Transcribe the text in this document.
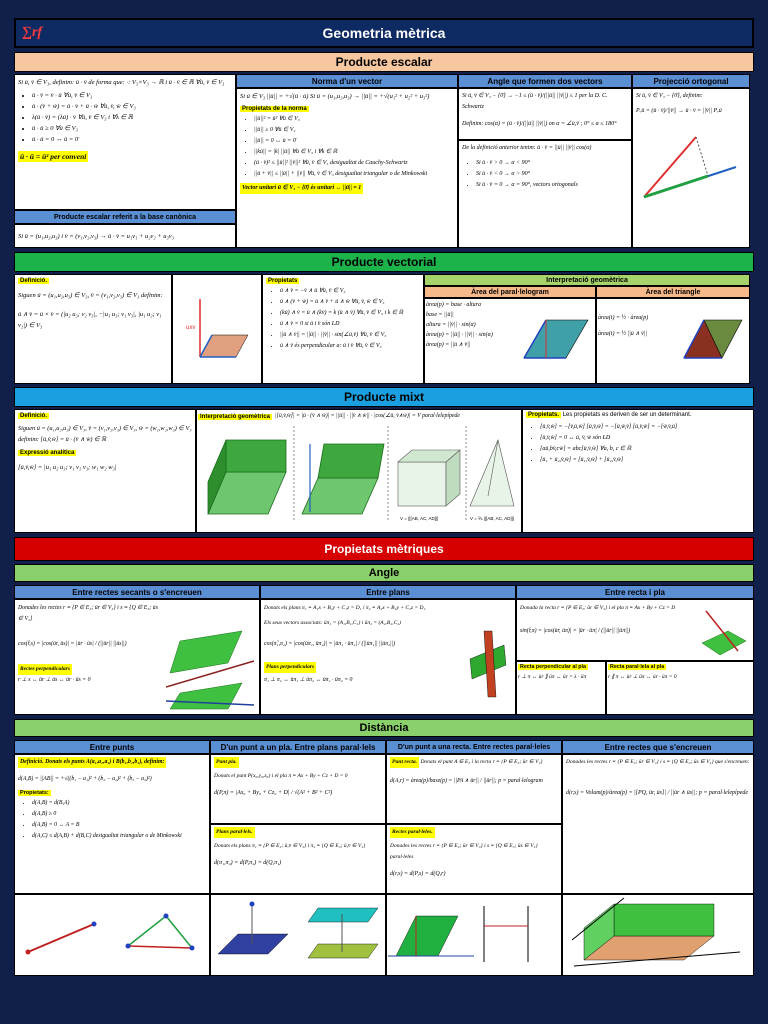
∑rf	Geometria mètrica
Producte escalar
Si ū, v̄ ∈ V₃, definim: ū · v̄ de forma que: ·: V₃×V₃ → ℝ i ū · v̄ ∈ ℝ ∀ū, v̄ ∈ V₃
• ū · v̄ = v̄ · ū ∀ū, v̄ ∈ V₃
• ū · (v̄ + w̄) = ū · v̄ + ū · w̄ ∀ū, v̄, w̄ ∈ V₃
• λ(ū · v̄) = (λū) · v̄ ∀ū, v̄ ∈ V₃ i ∀λ ∈ ℝ
• ū · ū ≥ 0 ∀ū ∈ V₃
• ū · ū = 0 ↔ ū = 0̄
ū · ū = ū² per conveni
Producte escalar referit a la base canònica
Si ū = (u₁,u₂,u₃) i v̄ = (v₁,v₂,v₃) → ū · v̄ = u₁v₁ + u₂v₂ + u₃v₃
Norma d'un vector
Si ū ∈ V₃ ||ū|| = +√(ū · ū) Si ū = (u₁,u₂,u₃) → ||ū|| = +√(u₁² + u₂² + u₃²)
Propietats de la norma
• ||ū||² = ū² ∀ū ∈ V₃
• ||ū|| ≥ 0 ∀ū ∈ V₃
• ||ū|| = 0 ↔ ū = 0̄
• ||kū|| = |k| ||ū|| ∀ū ∈ V₃ i ∀k ∈ ℝ
• (ū · v̄)² ≤ ||ū||² ||v̄||² ∀ū, v̄ ∈ V₃ desigualtat de Cauchy-Schwartz
• ||ū + v̄|| ≤ ||ū|| + ||v̄|| ∀ū, v̄ ∈ V₃ desigualtat triangular o de Minkowski
Vector unitari ū ∈ V₃ − {0̄} és unitari ↔ ||ū|| = 1
Angle que formen dos vectors
Si ū, v̄ ∈ V₃ − {0̄} → −1 ≤ (ū · v̄)/(||ū|| ||v̄||) ≤ 1 per la D. C. Schwartz
Definim: cos(α) = (ū · v̄)/(||ū|| ||v̄||) on α = ∠ū,v̄ ; 0° ≤ α ≤ 180°
De la definició anterior tenim: ū · v̄ = ||ū|| ||v̄|| cos(α)
• Si ū · v̄ > 0 → α < 90°
• Si ū · v̄ < 0 → α > 90°
• Si ū · v̄ = 0 → α = 90°, vectors ortogonals
Projecció ortogonal
Si ū, v̄ ∈ V₃ − {0̄}, definim:
Pᵥū = (ū · v̄)/||v̄|| → ū · v̄ = ||v̄|| Pᵥū
Producte vectorial
Definició.
Siguen ū = (u₁,u₂,u₃) ∈ V₃, v̄ = (v₁,v₂,v₃) ∈ V₃ definim:
ū ∧ v̄ = ū × v̄ = (|u₂ u₃; v₂ v₃|, −|u₁ u₃; v₁ v₃|, |u₁ u₂; v₁ v₂|) ∈ V₃	uxv
Propietats
• ū ∧ v̄ = −v̄ ∧ ū ∀ū, v̄ ∈ V₃
• ū ∧ (v̄ + w̄) = ū ∧ v̄ + ū ∧ w̄ ∀ū, v̄, w̄ ∈ V₃
• (kū) ∧ v̄ = ū ∧ (kv̄) = k (ū ∧ v̄) ∀ū, v̄ ∈ V₃ i k ∈ ℝ
• ū ∧ v̄ = 0 si ū i v̄ són LD
• ||ū ∧ v̄|| = ||ū|| · ||v̄|| · sin(∠ū,v̄) ∀ū, v̄ ∈ V₃
• ū ∧ v̄ és perpendicular a: ū i v̄ ∀ū, v̄ ∈ V₃
Interpretació geomètrica
Àrea del paral·lelogram
àrea(p) = base · altura
base = ||ū||
altura = ||v̄|| · sin(α)
àrea(p) = ||ū|| · ||v̄|| · sin(α)
àrea(p) = ||ū ∧ v̄||
Àrea del triangle
àrea(t) = ½ · àrea(p)
àrea(t) = ½ ||ū ∧ v̄||
Producte mixt
Definició.
Siguen ū = (u₁,u₂,u₃) ∈ V₃, v̄ = (v₁,v₂,v₃) ∈ V₃, w̄ = (w₁,w₂,w₃) ∈ V₃ definim: [ū,v̄,w̄] = ū · (v̄ ∧ w̄) ∈ ℝ
Expressió analítica
[ū,v̄,w̄] = |u₁ u₂ u₃; v₁ v₂ v₃; w₁ w₂ w₃|
Interpretació geomètrica |[ū,v̄,w̄]| = |ū · (v̄ ∧ w̄)| = ||ū|| · ||v̄ ∧ w̄|| · |cos(∠ū, v̄∧w̄)| = V paral·lelepípede
V = ||[AB, AC, AD]||	V = ⅙ ||[AB, AC, AD]||
Propietats. Les propietats es deriven de ser un determinant.
• [ū,v̄,w̄] = −[v̄,ū,w̄] [ū,v̄,w̄] = −[ū,w̄,v̄] [ū,v̄,w̄] = −[w̄,v̄,ū]
• [ū,v̄,w̄] = 0 ↔ ū, v̄, w̄ són LD
• [aū,bv̄,cw̄] = abc[ū,v̄,w̄] ∀a, b, c ∈ ℝ
• [ū₁ + ū₂,v̄,w̄] = [ū₁,v̄,w̄] + [ū₂,v̄,w̄]
Propietats mètriques
Angle
Entre rectes secants o s'encreuen
Donades les rectes r ≡ {P ∈ E₃; ūr ∈ V₃} i s ≡ {Q ∈ E₃; ūs ∈ V₃}
cos(r̂,s) = |cos(ūr, ūs)| = |ūr · ūs| / (||ūr|| ||ūs||)
Rectes perpendiculars
r ⊥ s ↔ ūr ⊥ ūs ↔ ūr · ūs = 0
Entre plans
Donats els plans π₁ ≡ A₁x + B₁y + C₁z = D₁ i π₂ ≡ A₂x + B₂y + C₂z = D₂
Els seus vectors associats: ūπ₁ = (A₁,B₁,C₁) i ūπ₂ = (A₂,B₂,C₂)
cos(π̂₁,π₂) = |cos(ūπ₁, ūπ₂)| = |ūπ₁ · ūπ₂| / (||ūπ₁|| ||ūπ₂||)
Plans perpendiculars
π₁ ⊥ π₂ ↔ ūπ₁ ⊥ ūπ₂ ↔ ūπ₁ · ūπ₂ = 0
Entre recta i pla
Donada la recta r ≡ {P ∈ E₃; ūr ∈ V₃} i el pla π ≡ Ax + By + Cz = D
sin(r̂,π) = |cos(ūr, ūπ)| = |ūr · ūπ| / (||ūr|| ||ūπ||)
Recta perpendicular al pla
r ⊥ π ↔ ūr ∥ ūπ ↔ ūr = λ · ūπ
Recta paral·lela al pla
r ∥ π ↔ ūr ⊥ ūπ ↔ ūr · ūπ = 0
Distància
Entre punts
Definició. Donats els punts A(a₁,a₂,a₃) i B(b₁,b₂,b₃), definim:
d(A,B) = ||AB|| = +√((b₁ − a₁)² + (b₂ − a₂)² + (b₃ − a₃)²)
Propietats:
• d(A,B) = d(B,A)
• d(A,B) ≥ 0
• d(A,B) = 0 ↔ A = B
• d(A,C) ≤ d(A,B) + d(B,C) desigualtat triangular o de Minkowski
D'un punt a un pla. Entre plans paral·lels
Punt pla.
Donats el punt P(x₀,y₀,z₀) i el pla π ≡ Ax + By + Cz + D = 0
d(P,π) = |Ax₀ + By₀ + Cz₀ + D| / √(A² + B² + C²)
Plans paral·lels.
Donats els plans π₁ ≡ {P ∈ E₃; ū,v̄ ∈ V₃} i π₂ ≡ {Q ∈ E₃; ū,v̄ ∈ V₃}
d(π₁,π₂) = d(P,π₂) = d(Q,π₁)
D'un punt a una recta. Entre rectes paral·leles
Punt recta. Donats el punt A ∈ E₃ i la recta r ≡ {P ∈ E₃; ūr ∈ V₃}
d(A,r) = àrea(p)/base(p) = ||PA ∧ ūr|| / ||ūr||; p = paral·lelogram
Rectes paral·leles.
Donades les rectes r ≡ {P ∈ E₃; ūr ∈ V₃} i s ≡ {Q ∈ E₃; ūs ∈ V₃} paral·leles
d(r,s) = d(P,s) = d(Q,r)
Entre rectes que s'encreuen
Donades les rectes r ≡ {P ∈ E₃; ūr ∈ V₃} i s ≡ {Q ∈ E₃; ūs ∈ V₃} que s'encreuen:
d(r,s) = Volum(p)/àrea(p) = |[PQ, ūr, ūs]| / ||ūr ∧ ūs||; p = paral·lelepípede
